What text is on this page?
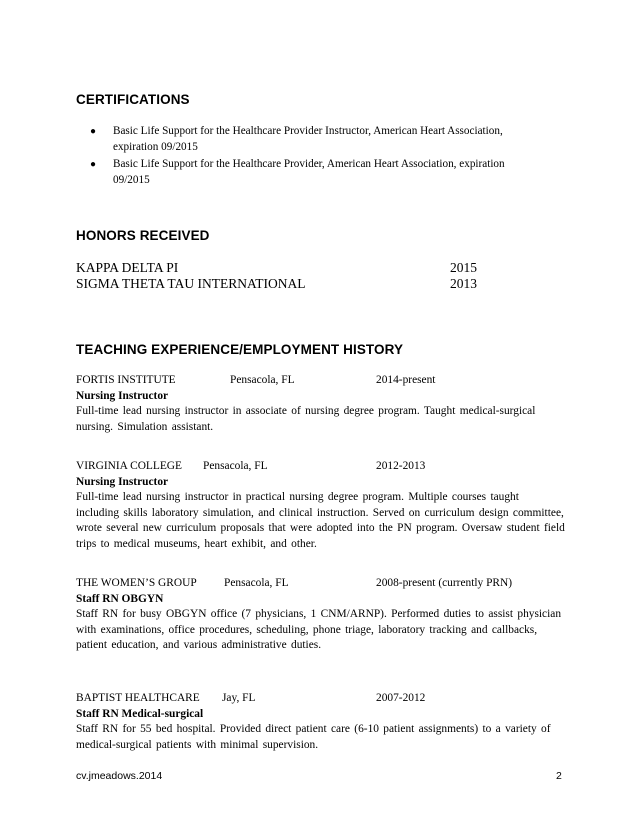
CERTIFICATIONS
● Basic Life Support for the Healthcare Provider Instructor, American Heart Association, expiration 09/2015
● Basic Life Support for the Healthcare Provider, American Heart Association, expiration 09/2015
HONORS RECEIVED
KAPPA DELTA PI	2015
SIGMA THETA TAU INTERNATIONAL	2013
TEACHING EXPERIENCE/EMPLOYMENT HISTORY
FORTIS INSTITUTE	Pensacola, FL	2014-present

Nursing Instructor

Full-time lead nursing instructor in associate of nursing degree program. Taught medical-surgical nursing. Simulation assistant.

VIRGINIA COLLEGE Pensacola, FL	2012-2013

Nursing Instructor

Full-time lead nursing instructor in practical nursing degree program. Multiple courses taught including skills laboratory simulation, and clinical instruction. Served on curriculum design committee, wrote several new curriculum proposals that were adopted into the PN program. Oversaw student field trips to medical museums, heart exhibit, and other.

THE WOMEN’S GROUP Pensacola, FL	2008-present (currently PRN)

Staff RN OBGYN

Staff RN for busy OBGYN office (7 physicians, 1 CNM/ARNP). Performed duties to assist physician with examinations, office procedures, scheduling, phone triage, laboratory tracking and callbacks, patient education, and various administrative duties.

BAPTIST HEALTHCARE Jay, FL	2007-2012

Staff RN Medical-surgical

Staff RN for 55 bed hospital. Provided direct patient care (6-10 patient assignments) to a variety of medical-surgical patients with minimal supervision.

cv.jmeadows.2014	2
